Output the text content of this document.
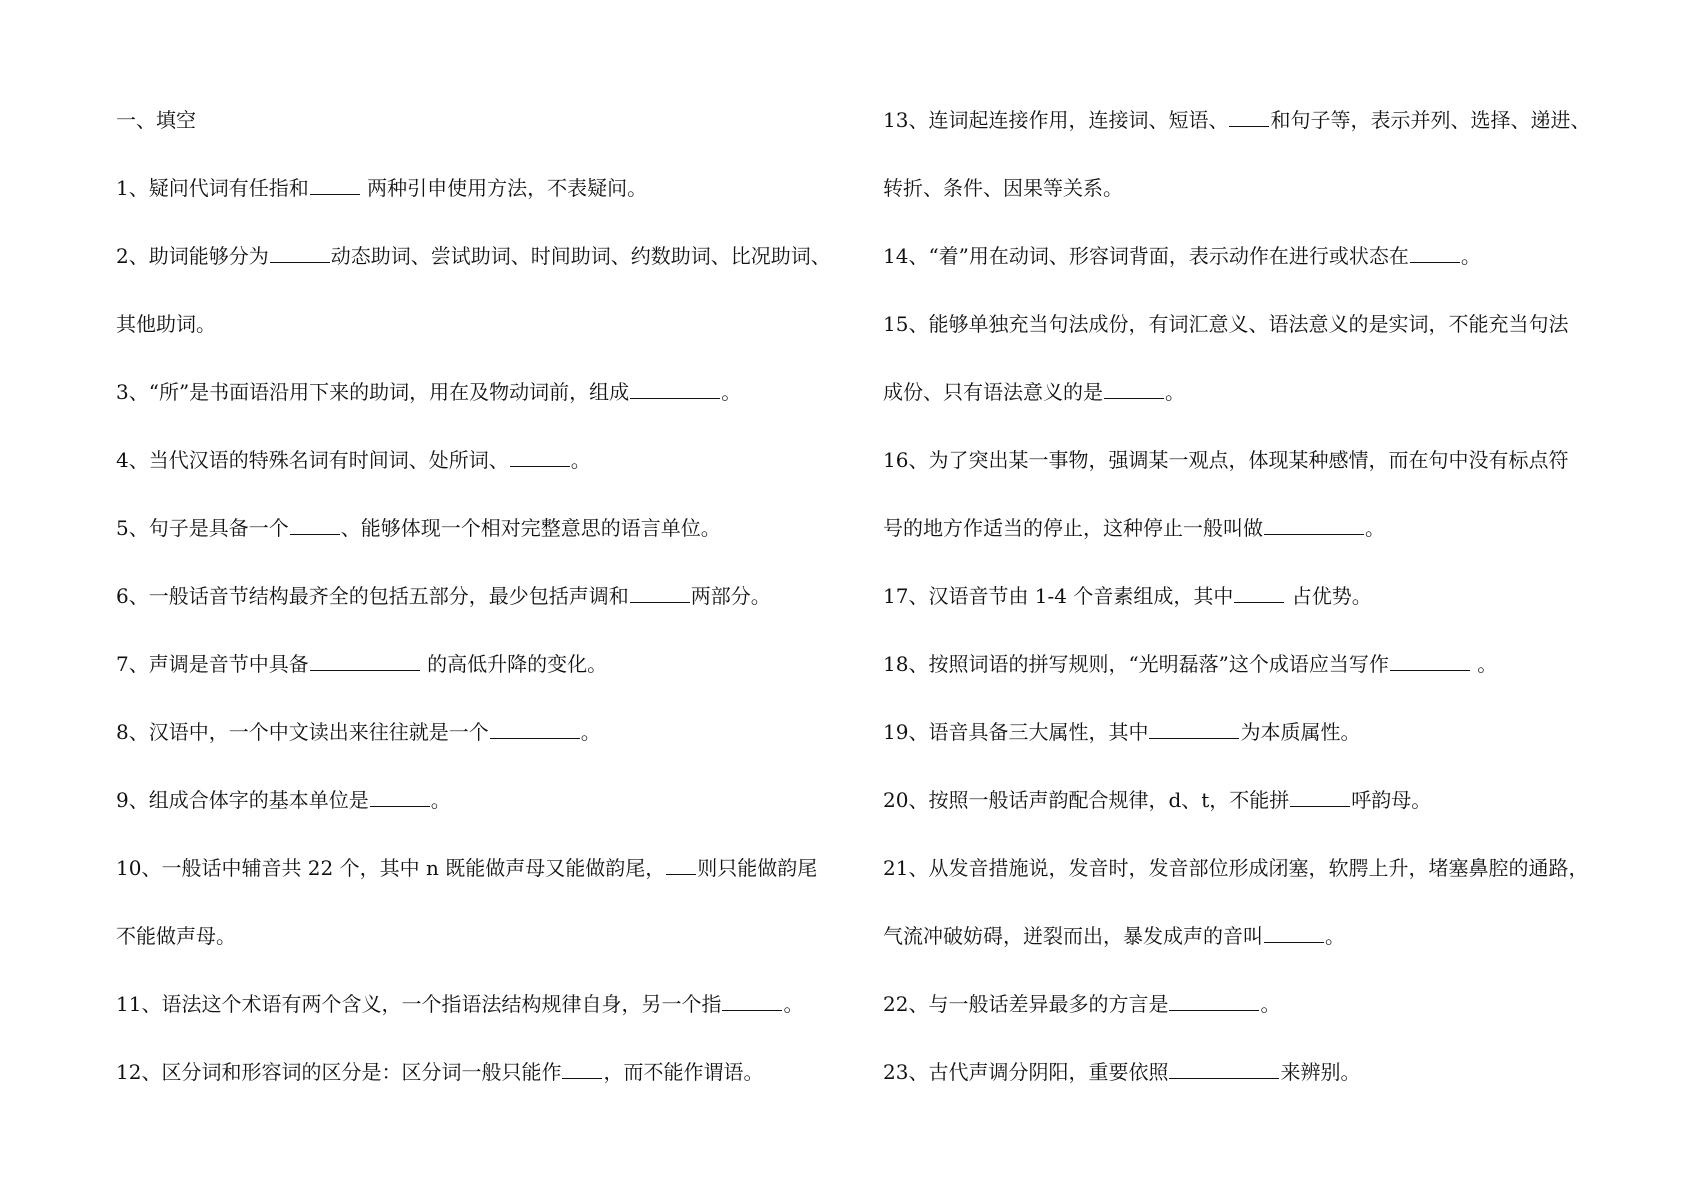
一、填空
1、疑问代词有任指和	两种引申使用方法，不表疑问。
2、助词能够分为	动态助词、尝试助词、时间助词、约数助词、比况助词、
其他助词。
3、“所”是书面语沿用下来的助词，用在及物动词前，组成	。
4、当代汉语的特殊名词有时间词、处所词、	。
5、句子是具备一个	、能够体现一个相对完整意思的语言单位。
6、一般话音节结构最齐全的包括五部分，最少包括声调和	两部分。
7、声调是音节中具备	的高低升降的变化。
8、汉语中，一个中文读出来往往就是一个	。
9、组成合体字的基本单位是	。
10、一般话中辅音共 22 个，其中 n 既能做声母又能做韵尾， 则只能做韵尾
不能做声母。
11、语法这个术语有两个含义，一个指语法结构规律自身，另一个指	。
12、区分词和形容词的区分是：区分词一般只能作 ，而不能作谓语。
13、连词起连接作用，连接词、短语、 和句子等，表示并列、选择、递进、
转折、条件、因果等关系。
14、“着”用在动词、形容词背面，表示动作在进行或状态在	。
15、能够单独充当句法成份，有词汇意义、语法意义的是实词，不能充当句法
成份、只有语法意义的是	。
16、为了突出某一事物，强调某一观点，体现某种感情，而在句中没有标点符
号的地方作适当的停止，这种停止一般叫做	。
17、汉语音节由 1-4 个音素组成，其中	占优势。
18、按照词语的拼写规则，“光明磊落”这个成语应当写作	。
19、语音具备三大属性，其中	为本质属性。
20、按照一般话声韵配合规律，d、t，不能拼	呼韵母。
21、从发音措施说，发音时，发音部位形成闭塞，软腭上升，堵塞鼻腔的通路，
气流冲破妨碍，迸裂而出，暴发成声的音叫	。
22、与一般话差异最多的方言是	。
23、古代声调分阴阳，重要依照	来辨别。
